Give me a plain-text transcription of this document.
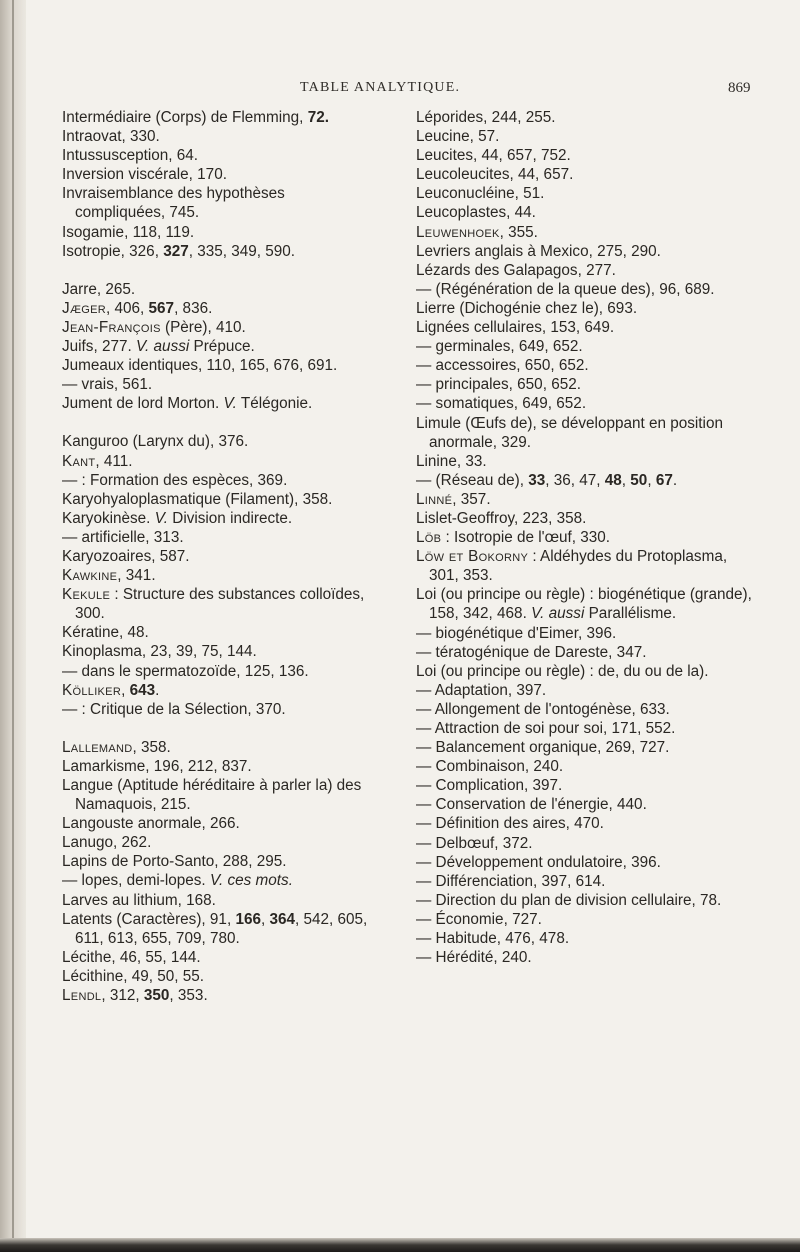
TABLE ANALYTIQUE.	869

Intermédiaire (Corps) de Flemming, 72.

Intraovat, 330.

Intussusception, 64.

Inversion viscérale, 170.

Invraisemblance des hypothèses compliquées, 745.

Isogamie, 118, 119.

Isotropie, 326, 327, 335, 349, 590.

Jarre, 265.

Jæger, 406, 567, 836.

Jean-François (Père), 410.

Juifs, 277. V. aussi Prépuce.

Jumeaux identiques, 110, 165, 676, 691.

— vrais, 561.

Jument de lord Morton. V. Télégonie.

Kanguroo (Larynx du), 376.

Kant, 411.

— : Formation des espèces, 369.

Karyohyaloplasmatique (Filament), 358.

Karyokinèse. V. Division indirecte.

— artificielle, 313.

Karyozoaires, 587.

Kawkine, 341.

Kekule : Structure des substances colloïdes, 300.

Kératine, 48.

Kinoplasma, 23, 39, 75, 144.

— dans le spermatozoïde, 125, 136.

Kölliker, 643.

— : Critique de la Sélection, 370.

Lallemand, 358.

Lamarkisme, 196, 212, 837.

Langue (Aptitude héréditaire à parler la) des Namaquois, 215.

Langouste anormale, 266.

Lanugo, 262.

Lapins de Porto-Santo, 288, 295.

— lopes, demi-lopes. V. ces mots.

Larves au lithium, 168.

Latents (Caractères), 91, 166, 364, 542, 605, 611, 613, 655, 709, 780.

Lécithe, 46, 55, 144.

Lécithine, 49, 50, 55.

Lendl, 312, 350, 353.

Léporides, 244, 255.

Leucine, 57.

Leucites, 44, 657, 752.

Leucoleucites, 44, 657.

Leuconucléine, 51.

Leucoplastes, 44.

Leuwenhoek, 355.

Levriers anglais à Mexico, 275, 290.

Lézards des Galapagos, 277.

— (Régénération de la queue des), 96, 689.

Lierre (Dichogénie chez le), 693.

Lignées cellulaires, 153, 649.

— germinales, 649, 652.

— accessoires, 650, 652.

— principales, 650, 652.

— somatiques, 649, 652.

Limule (Œufs de), se développant en position anormale, 329.

Linine, 33.

— (Réseau de), 33, 36, 47, 48, 50, 67.

Linné, 357.

Lislet-Geoffroy, 223, 358.

Löb : Isotropie de l'œuf, 330.

Löw et Bokorny : Aldéhydes du Protoplasma, 301, 353.

Loi (ou principe ou règle) : biogénétique (grande), 158, 342, 468. V. aussi Parallélisme.

— biogénétique d'Eimer, 396.

— tératogénique de Dareste, 347.

Loi (ou principe ou règle) : de, du ou de la).

— Adaptation, 397.

— Allongement de l'ontogénèse, 633.

— Attraction de soi pour soi, 171, 552.

— Balancement organique, 269, 727.

— Combinaison, 240.

— Complication, 397.

— Conservation de l'énergie, 440.

— Définition des aires, 470.

— Delbœuf, 372.

— Développement ondulatoire, 396.

— Différenciation, 397, 614.

— Direction du plan de division cellulaire, 78.

— Économie, 727.

— Habitude, 476, 478.

— Hérédité, 240.
